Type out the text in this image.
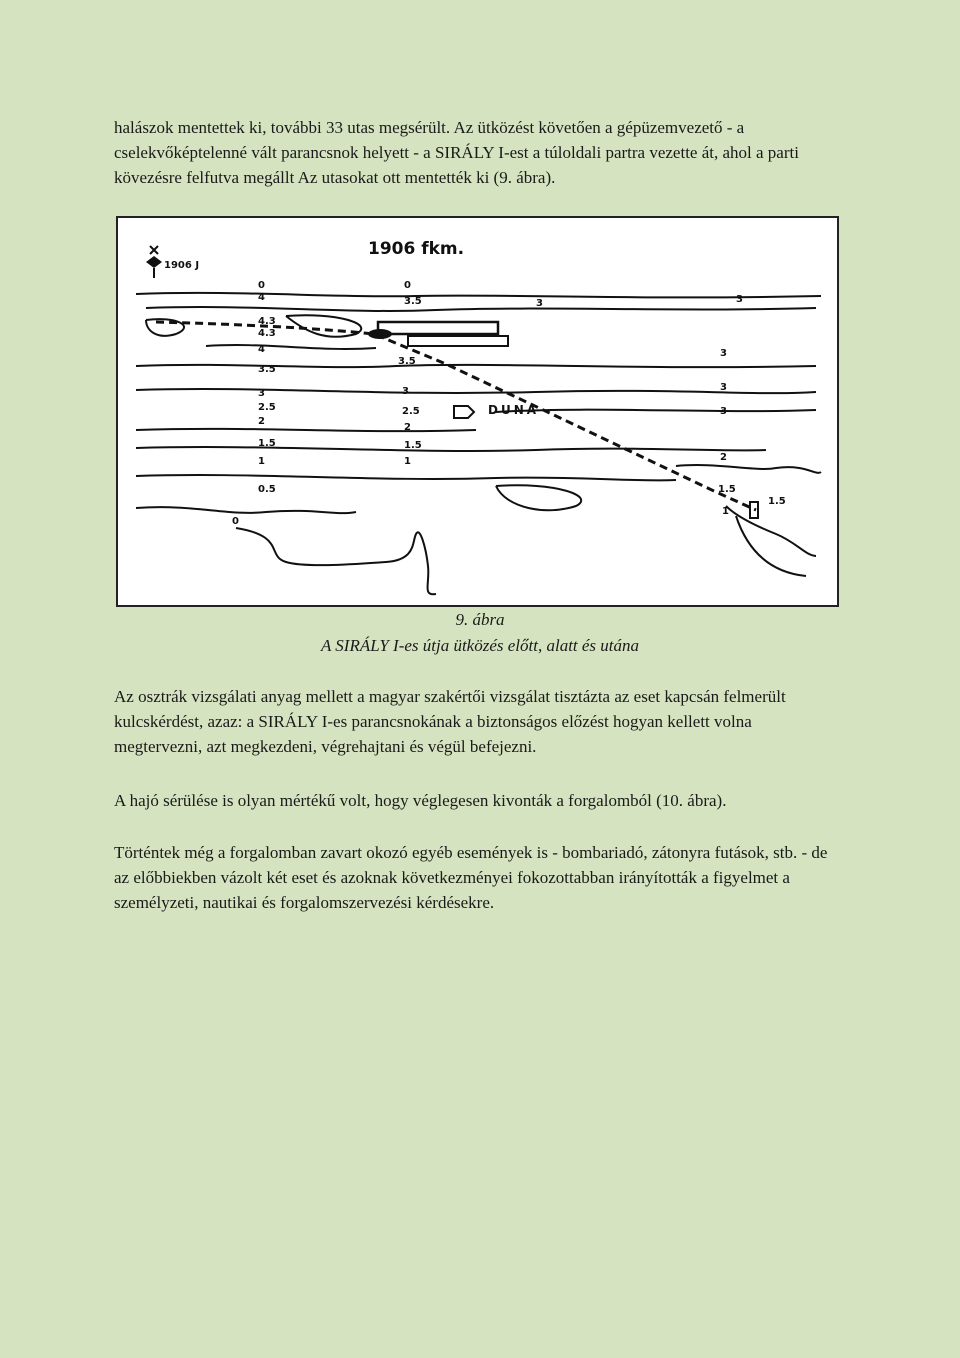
halászok mentettek ki, további 33 utas megsérült. Az ütközést követően a gépüzemvezető - a cselekvőképtelenné vált parancsnok helyett - a SIRÁLY I-est a túloldali partra vezette át, ahol a parti kövezésre felfutva megállt Az utasokat ott mentették ki (9. ábra).

1906 J
1906 fkm.
DUNA
0
4
4.3
4.3
4
3.5
3
2.5
2
1.5
1
0.5
0
0
3.5
3.5
3
2.5
2
1.5
1
3	3
3
3
3
2
1.5
1.5
1
9. ábra
A SIRÁLY I-es útja ütközés előtt, alatt és utána

Az osztrák vizsgálati anyag mellett a magyar szakértői vizsgálat tisztázta az eset kapcsán felmerült kulcskérdést, azaz: a SIRÁLY I-es parancsnokának a biztonságos előzést hogyan kellett volna megtervezni, azt megkezdeni, végrehajtani és végül befejezni.

A hajó sérülése is olyan mértékű volt, hogy véglegesen kivonták a forgalomból (10. ábra).

Történtek még a forgalomban zavart okozó egyéb események is - bombariadó, zátonyra futások, stb. - de az előbbiekben vázolt két eset és azoknak következményei fokozottabban irányították a figyelmet a személyzeti, nautikai és forgalomszervezési kérdésekre.
